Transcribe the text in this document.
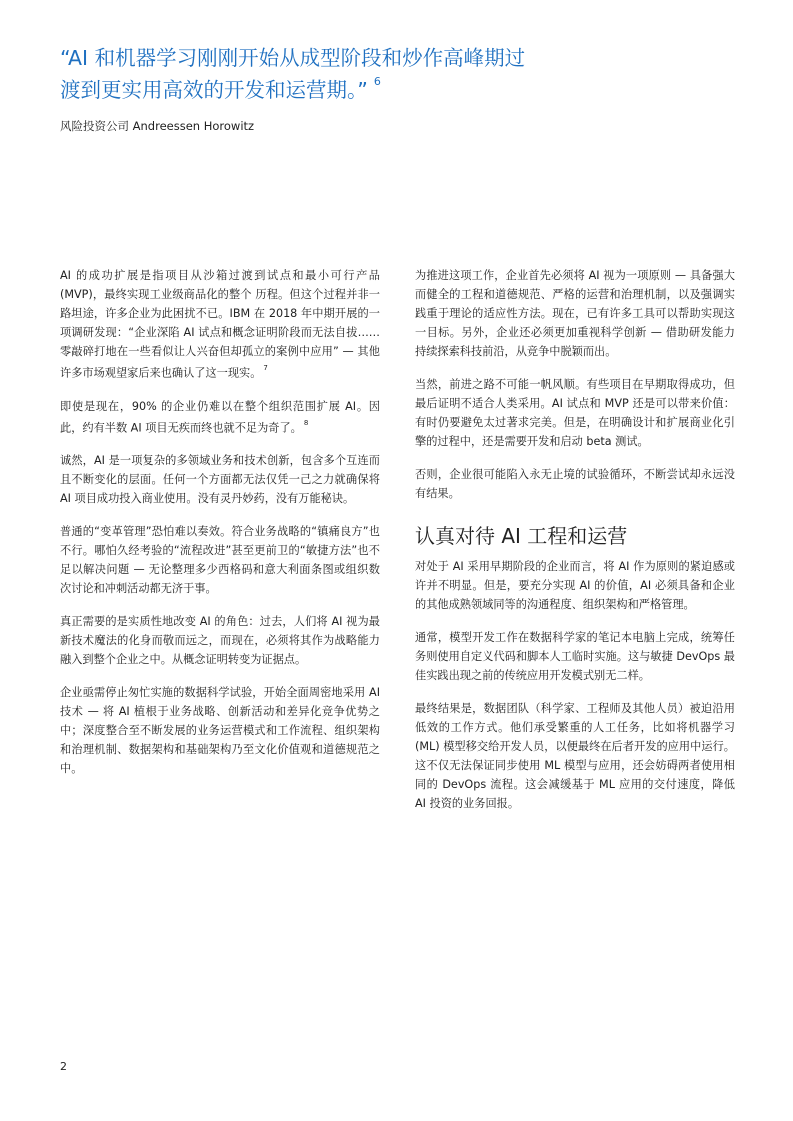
“AI 和机器学习刚刚开始从成型阶段和炒作高峰期过渡到更实用高效的开发和运营期。” $^6$

风险投资公司 Andreessen Horowitz

AI 的成功扩展是指项目从沙箱过渡到试点和最小可行产品 (MVP)，最终实现工业级商品化的整个 历程。但这个过程并非一路坦途，许多企业为此困扰不已。IBM 在 2018 年中期开展的一项调研发现：“企业深陷 AI 试点和概念证明阶段而无法自拔……零敲碎打地在一些看似让人兴奋但却孤立的案例中应用” — 其他许多市场观望家后来也确认了这一现实。 $^7$

即使是现在，90% 的企业仍难以在整个组织范围扩展 AI。因此，约有半数 AI 项目无疾而终也就不足为奇了。 $^8$

诚然，AI 是一项复杂的多领域业务和技术创新，包含多个互连而且不断变化的层面。任何一个方面都无法仅凭一己之力就确保将 AI 项目成功投入商业使用。没有灵丹妙药，没有万能秘诀。

普通的“变革管理”恐怕难以奏效。符合业务战略的“镇痛良方”也不行。哪怕久经考验的“流程改进”甚至更前卫的“敏捷方法”也不足以解决问题 — 无论整理多少西格码和意大利面条图或组织数次讨论和冲刺活动都无济于事。

真正需要的是实质性地改变 AI 的角色：过去，人们将 AI 视为最新技术魔法的化身而敬而远之，而现在，必须将其作为战略能力融入到整个企业之中。从概念证明转变为证据点。

企业亟需停止匆忙实施的数据科学试验，开始全面周密地采用 AI 技术 — 将 AI 植根于业务战略、创新活动和差异化竞争优势之中；深度整合至不断发展的业务运营模式和工作流程、组织架构和治理机制、数据架构和基础架构乃至文化价值观和道德规范之中。

为推进这项工作，企业首先必须将 AI 视为一项原则 — 具备强大而健全的工程和道德规范、严格的运营和治理机制，以及强调实践重于理论的适应性方法。现在，已有许多工具可以帮助实现这一目标。另外，企业还必须更加重视科学创新 — 借助研发能力持续探索科技前沿，从竞争中脱颖而出。

当然，前进之路不可能一帆风顺。有些项目在早期取得成功，但最后证明不适合人类采用。AI 试点和 MVP 还是可以带来价值：有时仍要避免太过著求完美。但是，在明确设计和扩展商业化引擎的过程中，还是需要开发和启动 beta 测试。

否则，企业很可能陷入永无止境的试验循环，不断尝试却永远没有结果。

认真对待 AI 工程和运营

对处于 AI 采用早期阶段的企业而言，将 AI 作为原则的紧迫感或许并不明显。但是，要充分实现 AI 的价值，AI 必须具备和企业的其他成熟领域同等的沟通程度、组织架构和严格管理。

通常，模型开发工作在数据科学家的笔记本电脑上完成，统筹任务则使用自定义代码和脚本人工临时实施。这与敏捷 DevOps 最佳实践出现之前的传统应用开发模式别无二样。

最终结果是，数据团队（科学家、工程师及其他人员）被迫沿用低效的工作方式。他们承受繁重的人工任务，比如将机器学习 (ML) 模型移交给开发人员，以便最终在后者开发的应用中运行。这不仅无法保证同步使用 ML 模型与应用，还会妨碍两者使用相同的 DevOps 流程。这会减缓基于 ML 应用的交付速度，降低 AI 投资的业务回报。

2
